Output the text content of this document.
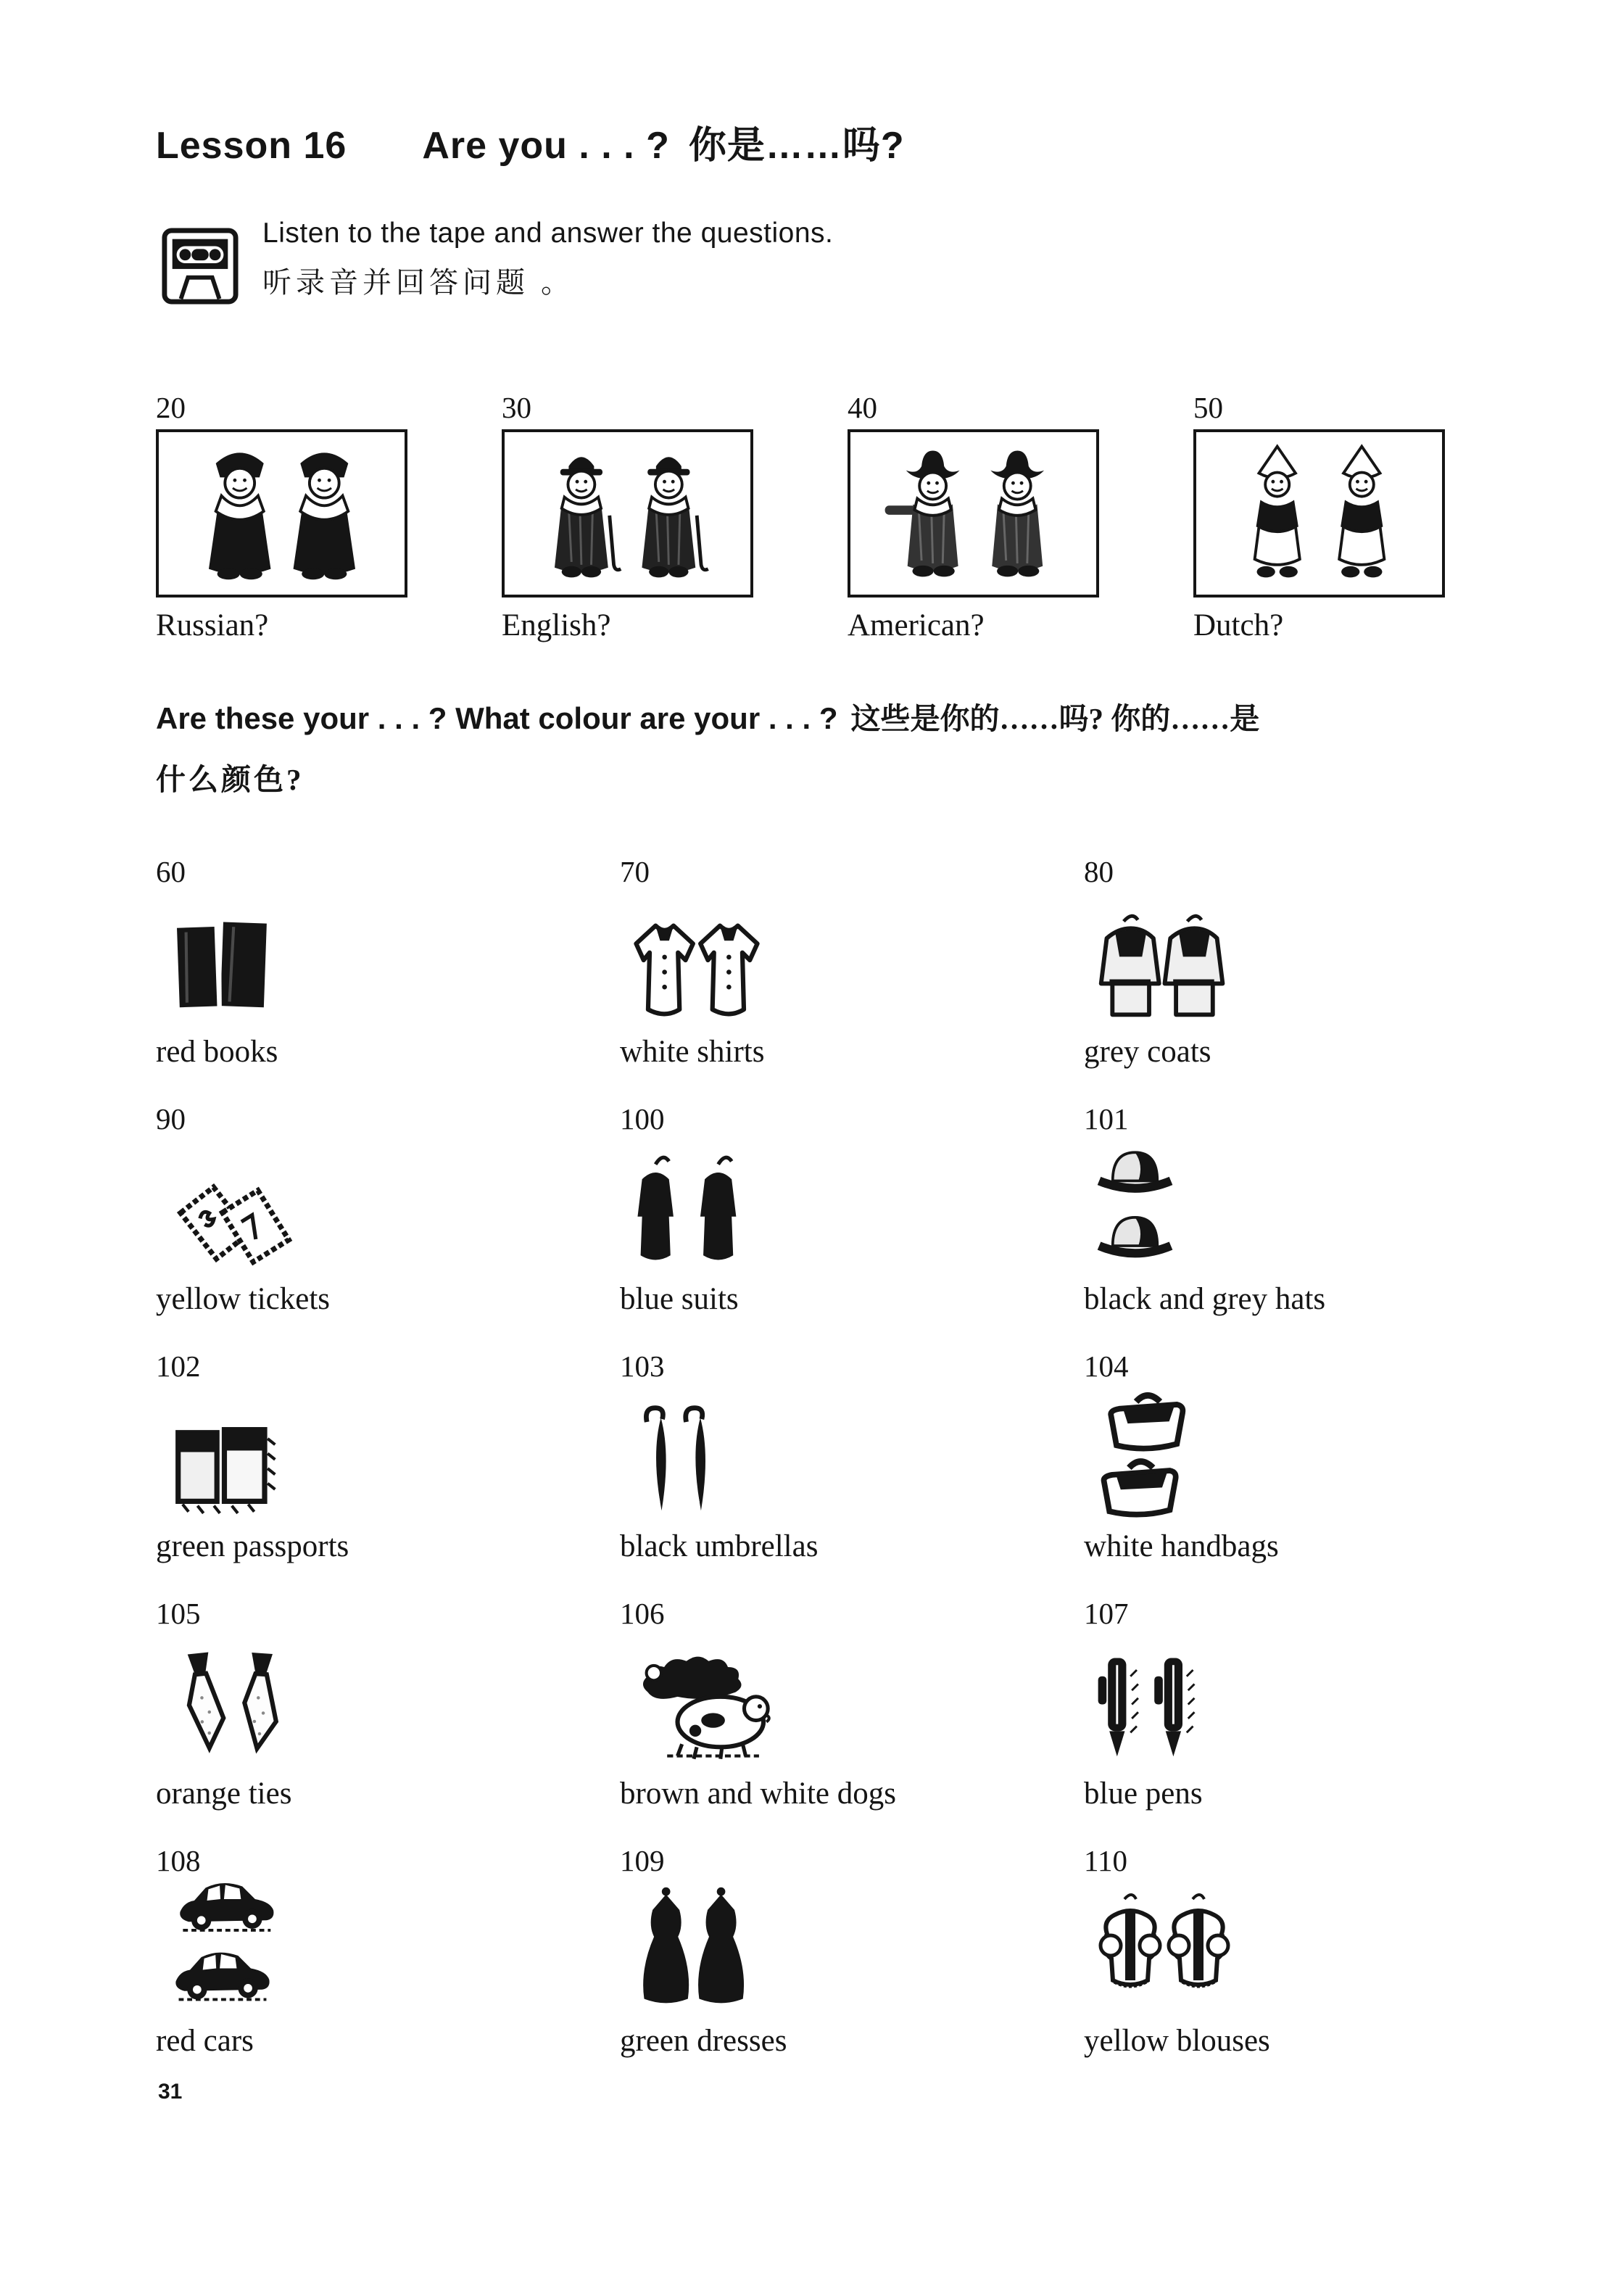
Lesson 16 Are you . . . ? 你是……吗?
Listen to the tape and answer the questions.
听录音并回答问题 。
20
Russian?
30
English?
40
American?
50
Dutch?
Are these your . . . ? What colour are your . . . ? 这些是你的……吗? 你的……是
什么颜色?
60
red books
70
white shirts
80
grey coats
90
yellow tickets
100
blue suits
101
black and grey hats
102
green passports
103
black umbrellas
104
white handbags
105
orange ties
106
brown and white dogs
107
blue pens
108
red cars
109
green dresses
110
yellow blouses
31
